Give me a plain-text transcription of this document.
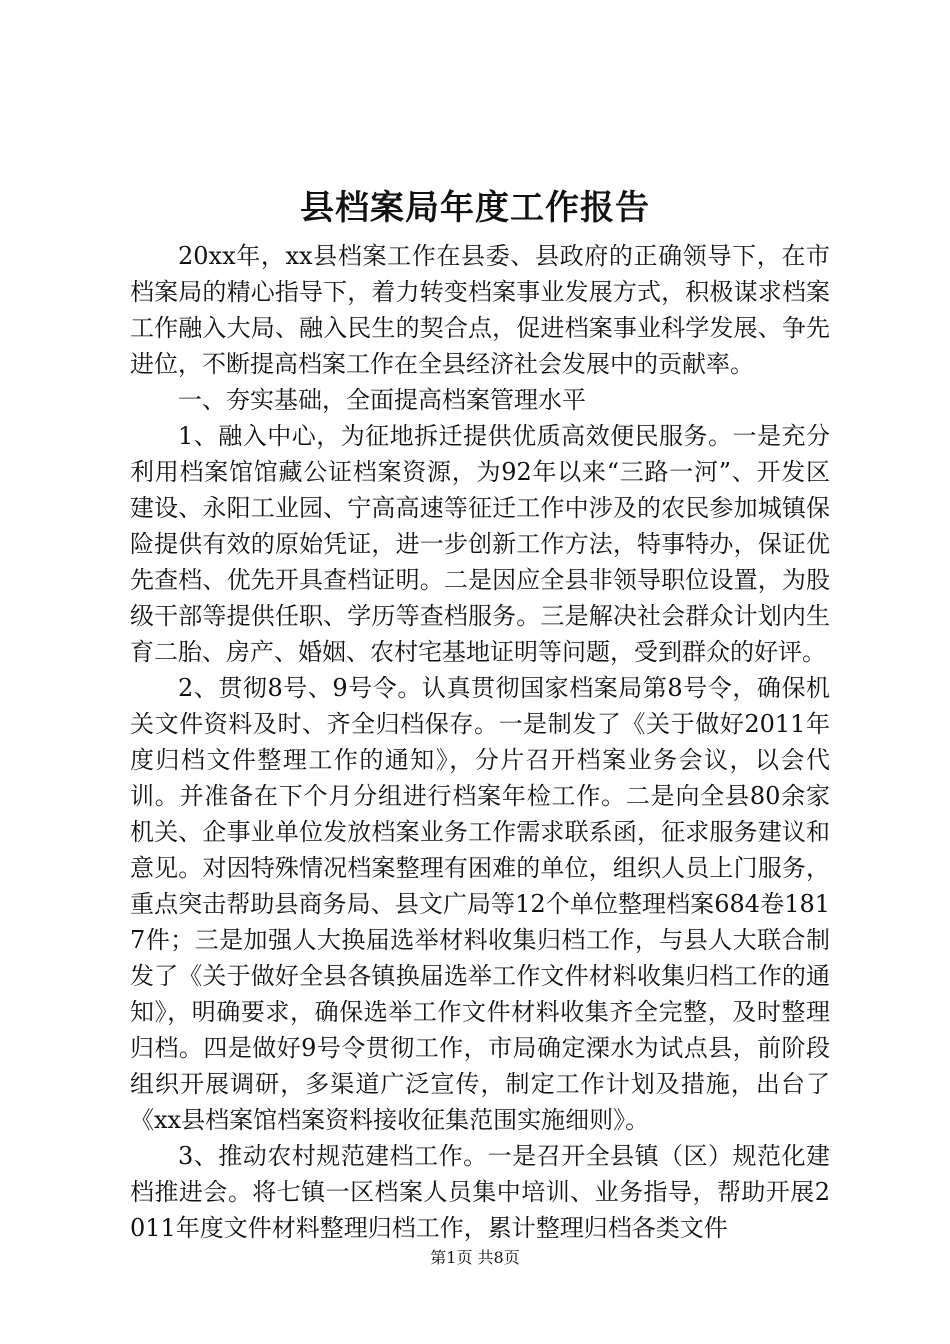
县档案局年度工作报告

20xx年，xx县档案工作在县委、县政府的正确领导下，在市档案局的精心指导下，着力转变档案事业发展方式，积极谋求档案工作融入大局、融入民生的契合点，促进档案事业科学发展、争先进位，不断提高档案工作在全县经济社会发展中的贡献率。

一、夯实基础，全面提高档案管理水平

1、融入中心，为征地拆迁提供优质高效便民服务。一是充分利用档案馆馆藏公证档案资源，为92年以来“三路一河”、开发区建设、永阳工业园、宁高高速等征迁工作中涉及的农民参加城镇保险提供有效的原始凭证，进一步创新工作方法，特事特办，保证优先查档、优先开具查档证明。二是因应全县非领导职位设置，为股级干部等提供任职、学历等查档服务。三是解决社会群众计划内生育二胎、房产、婚姻、农村宅基地证明等问题，受到群众的好评。

2、贯彻8号、9号令。认真贯彻国家档案局第8号令，确保机关文件资料及时、齐全归档保存。一是制发了《关于做好2011年度归档文件整理工作的通知》，分片召开档案业务会议，以会代训。并准备在下个月分组进行档案年检工作。二是向全县80余家机关、企事业单位发放档案业务工作需求联系函，征求服务建议和意见。对因特殊情况档案整理有困难的单位，组织人员上门服务，重点突击帮助县商务局、县文广局等12个单位整理档案684卷1817件；三是加强人大换届选举材料收集归档工作，与县人大联合制发了《关于做好全县各镇换届选举工作文件材料收集归档工作的通知》，明确要求，确保选举工作文件材料收集齐全完整，及时整理归档。四是做好9号令贯彻工作，市局确定溧水为试点县，前阶段组织开展调研，多渠道广泛宣传，制定工作计划及措施，出台了《xx县档案馆档案资料接收征集范围实施细则》。

3、推动农村规范建档工作。一是召开全县镇（区）规范化建档推进会。将七镇一区档案人员集中培训、业务指导，帮助开展2011年度文件材料整理归档工作，累计整理归档各类文件

第1页 共8页
